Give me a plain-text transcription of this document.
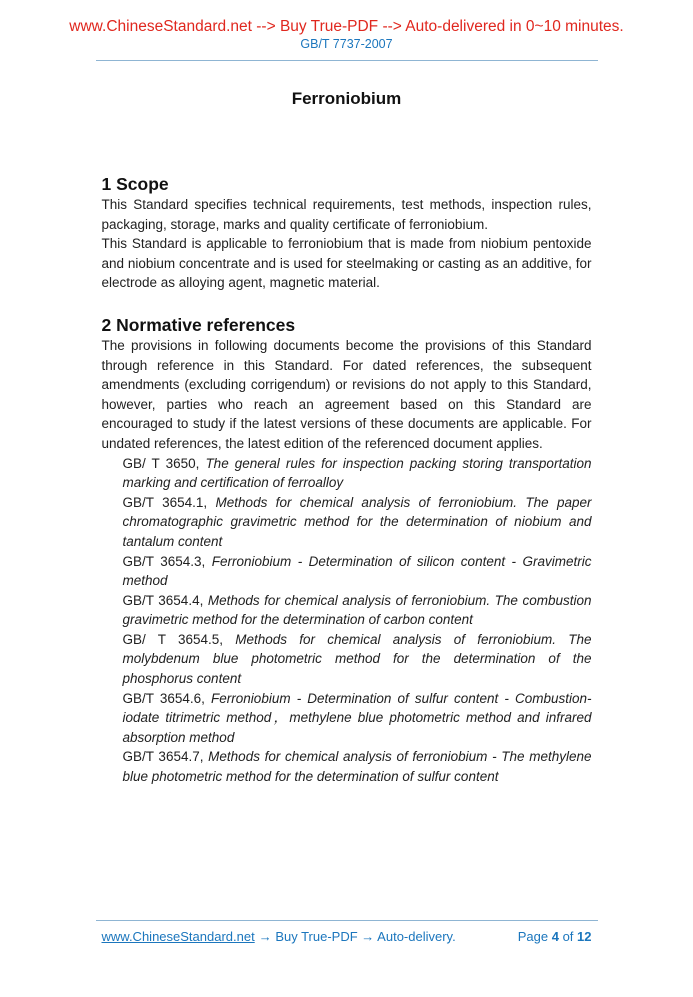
www.ChineseStandard.net --> Buy True-PDF --> Auto-delivered in 0~10 minutes.
GB/T 7737-2007
Ferroniobium
1 Scope

This Standard specifies technical requirements, test methods, inspection rules, packaging, storage, marks and quality certificate of ferroniobium.

This Standard is applicable to ferroniobium that is made from niobium pentoxide and niobium concentrate and is used for steelmaking or casting as an additive, for electrode as alloying agent, magnetic material.

2 Normative references

The provisions in following documents become the provisions of this Standard through reference in this Standard. For dated references, the subsequent amendments (excluding corrigendum) or revisions do not apply to this Standard, however, parties who reach an agreement based on this Standard are encouraged to study if the latest versions of these documents are applicable. For undated references, the latest edition of the referenced document applies.

GB/ T 3650, The general rules for inspection packing storing transportation marking and certification of ferroalloy

GB/T 3654.1, Methods for chemical analysis of ferroniobium. The paper chromatographic gravimetric method for the determination of niobium and tantalum content

GB/T 3654.3, Ferroniobium - Determination of silicon content - Gravimetric method

GB/T 3654.4, Methods for chemical analysis of ferroniobium. The combustion gravimetric method for the determination of carbon content

GB/ T 3654.5, Methods for chemical analysis of ferroniobium. The molybdenum blue photometric method for the determination of the phosphorus content

GB/T 3654.6, Ferroniobium - Determination of sulfur content - Combustion-iodate titrimetric method，methylene blue photometric method and infrared absorption method

GB/T 3654.7, Methods for chemical analysis of ferroniobium - The methylene blue photometric method for the determination of sulfur content

www.ChineseStandard.net → Buy True-PDF → Auto-delivery.	Page 4 of 12
